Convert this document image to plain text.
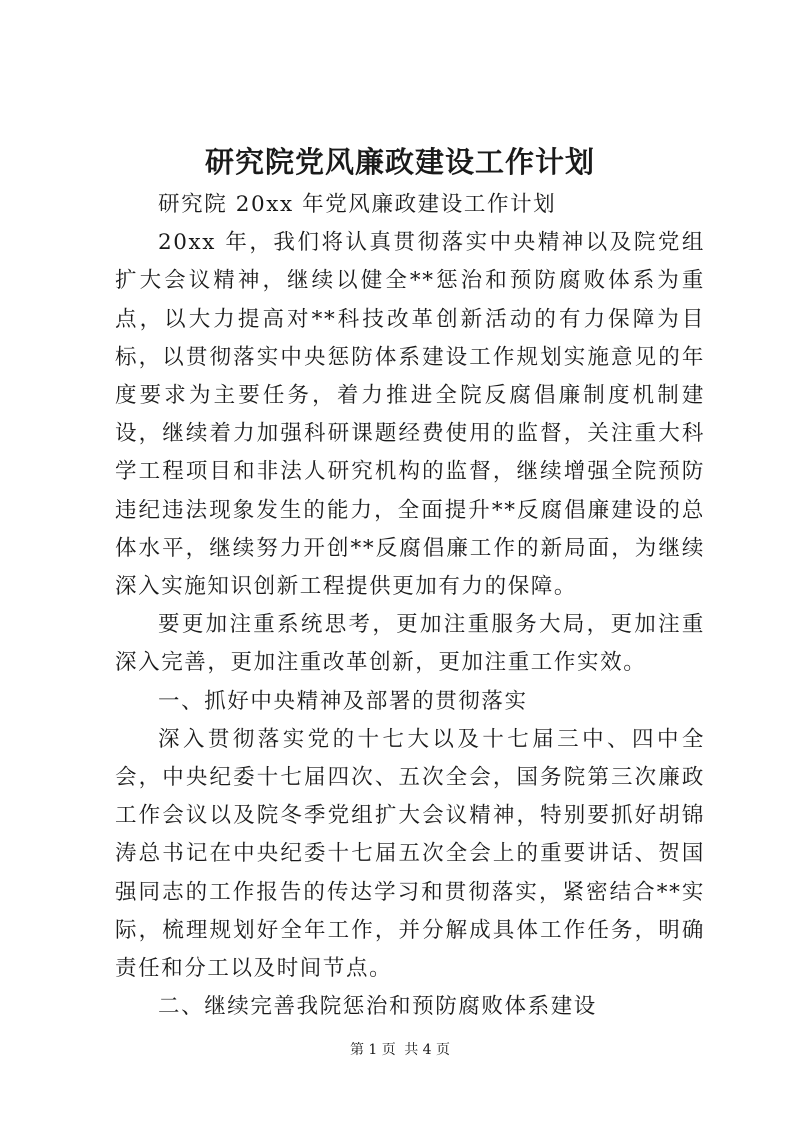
研究院党风廉政建设工作计划

研究院 20xx 年党风廉政建设工作计划

20xx 年，我们将认真贯彻落实中央精神以及院党组扩大会议精神，继续以健全**惩治和预防腐败体系为重点，以大力提高对**科技改革创新活动的有力保障为目标，以贯彻落实中央惩防体系建设工作规划实施意见的年度要求为主要任务，着力推进全院反腐倡廉制度机制建设，继续着力加强科研课题经费使用的监督，关注重大科学工程项目和非法人研究机构的监督，继续增强全院预防违纪违法现象发生的能力，全面提升**反腐倡廉建设的总体水平，继续努力开创**反腐倡廉工作的新局面，为继续深入实施知识创新工程提供更加有力的保障。

要更加注重系统思考，更加注重服务大局，更加注重深入完善，更加注重改革创新，更加注重工作实效。

一、抓好中央精神及部署的贯彻落实

深入贯彻落实党的十七大以及十七届三中、四中全会，中央纪委十七届四次、五次全会，国务院第三次廉政工作会议以及院冬季党组扩大会议精神，特别要抓好胡锦涛总书记在中央纪委十七届五次全会上的重要讲话、贺国强同志的工作报告的传达学习和贯彻落实，紧密结合**实际，梳理规划好全年工作，并分解成具体工作任务，明确责任和分工以及时间节点。

二、继续完善我院惩治和预防腐败体系建设

第 1 页 共 4 页
